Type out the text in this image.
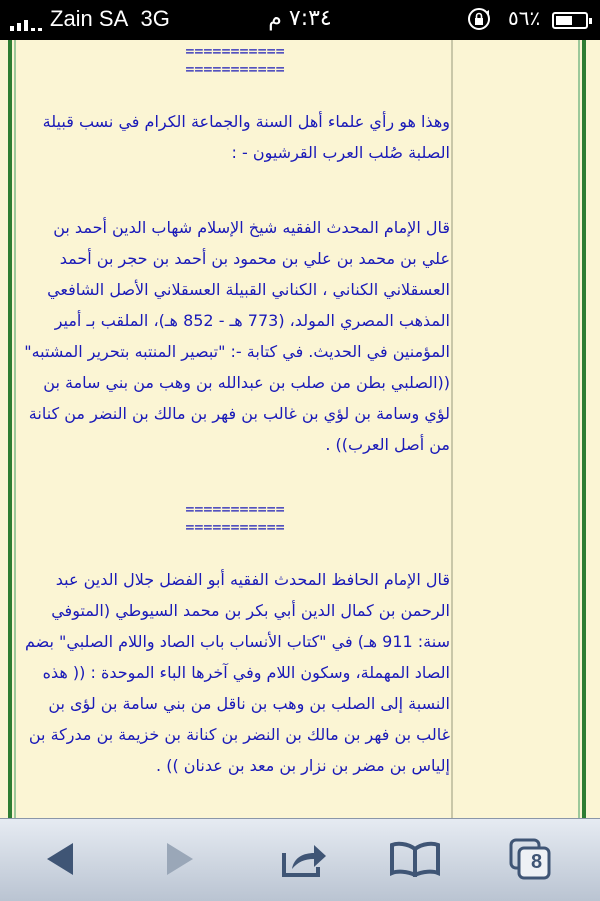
Zain SA 3G	٧:٣٤ م	٥٦٪

===========

===========

وهذا هو رأي علماء أهل السنة والجماعة الكرام في نسب قبيلة الصلبة صُلب العرب القرشيون - :

قال الإمام المحدث الفقيه شيخ الإسلام شهاب الدين أحمد بن علي بن محمد بن علي بن محمود بن أحمد بن حجر بن أحمد العسقلاني الكناني ، الكناني القبيلة العسقلاني الأصل الشافعي المذهب المصري المولد، (773 هـ - 852 هـ)، الملقب بـ أمير المؤمنين في الحديث. في كتابة -: "تبصير المنتبه بتحرير المشتبه" ((الصلبي بطن من صلب بن عبدالله بن وهب من بني سامة بن لؤي وسامة بن لؤي بن غالب بن فهر بن مالك بن النضر من كنانة من أصل العرب)) .

===========

===========

قال الإمام الحافظ المحدث الفقيه أبو الفضل جلال الدين عبد الرحمن بن كمال الدين أبي بكر بن محمد السيوطي (المتوفي سنة: 911 هـ) في "كتاب الأنساب باب الصاد واللام الصلبي" بضم الصاد المهملة، وسكون اللام وفي آخرها الباء الموحدة : (( هذه النسبة إلى الصلب بن وهب بن ناقل من بني سامة بن لؤى بن غالب بن فهر بن مالك بن النضر بن كنانة بن خزيمة بن مدركة بن إلياس بن مضر بن نزار بن معد بن عدنان )) .

8
